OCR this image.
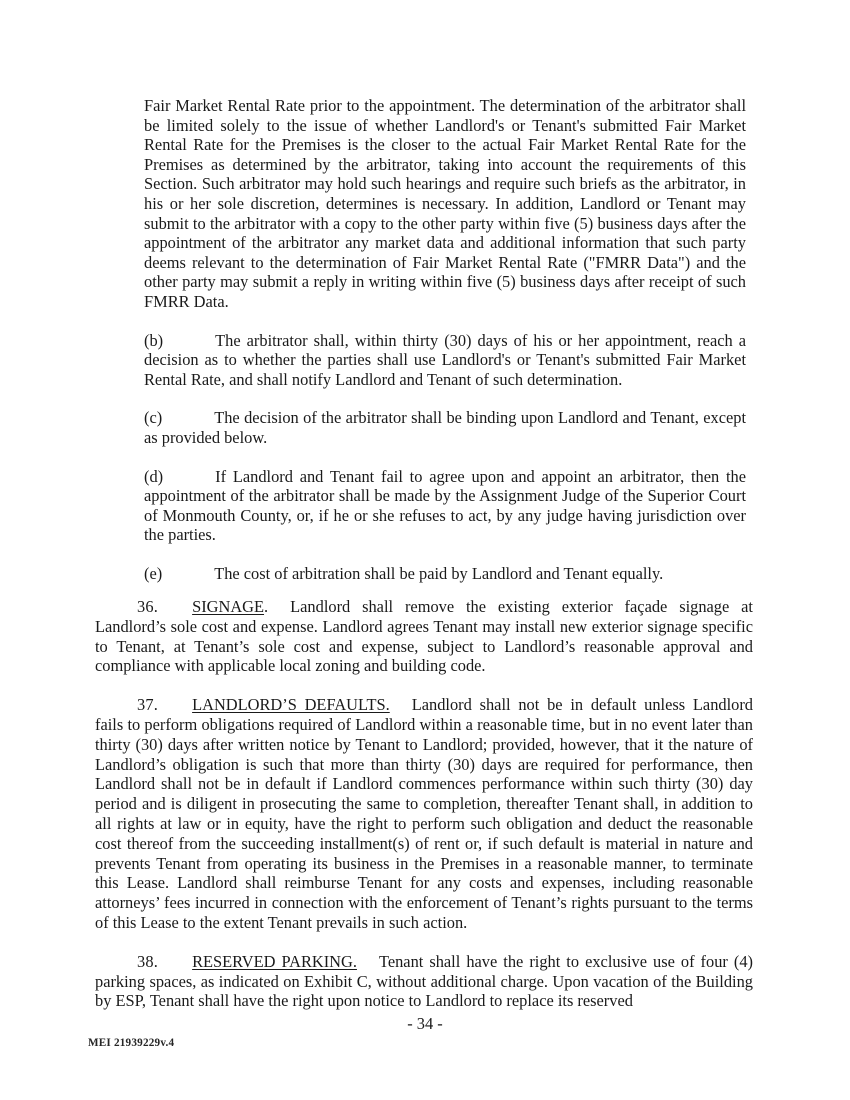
Fair Market Rental Rate prior to the appointment. The determination of the arbitrator shall be limited solely to the issue of whether Landlord's or Tenant's submitted Fair Market Rental Rate for the Premises is the closer to the actual Fair Market Rental Rate for the Premises as determined by the arbitrator, taking into account the requirements of this Section. Such arbitrator may hold such hearings and require such briefs as the arbitrator, in his or her sole discretion, determines is necessary. In addition, Landlord or Tenant may submit to the arbitrator with a copy to the other party within five (5) business days after the appointment of the arbitrator any market data and additional information that such party deems relevant to the determination of Fair Market Rental Rate ("FMRR Data") and the other party may submit a reply in writing within five (5) business days after receipt of such FMRR Data.

(b)	The arbitrator shall, within thirty (30) days of his or her appointment, reach a decision as to whether the parties shall use Landlord's or Tenant's submitted Fair Market Rental Rate, and shall notify Landlord and Tenant of such determination.

(c)	The decision of the arbitrator shall be binding upon Landlord and Tenant, except as provided below.

(d)	If Landlord and Tenant fail to agree upon and appoint an arbitrator, then the appointment of the arbitrator shall be made by the Assignment Judge of the Superior Court of Monmouth County, or, if he or she refuses to act, by any judge having jurisdiction over the parties.

(e)	The cost of arbitration shall be paid by Landlord and Tenant equally.

36. SIGNAGE. Landlord shall remove the existing exterior façade signage at Landlord’s sole cost and expense. Landlord agrees Tenant may install new exterior signage specific to Tenant, at Tenant’s sole cost and expense, subject to Landlord’s reasonable approval and compliance with applicable local zoning and building code.

37. LANDLORD’S DEFAULTS. Landlord shall not be in default unless Landlord fails to perform obligations required of Landlord within a reasonable time, but in no event later than thirty (30) days after written notice by Tenant to Landlord; provided, however, that it the nature of Landlord’s obligation is such that more than thirty (30) days are required for performance, then Landlord shall not be in default if Landlord commences performance within such thirty (30) day period and is diligent in prosecuting the same to completion, thereafter Tenant shall, in addition to all rights at law or in equity, have the right to perform such obligation and deduct the reasonable cost thereof from the succeeding installment(s) of rent or, if such default is material in nature and prevents Tenant from operating its business in the Premises in a reasonable manner, to terminate this Lease. Landlord shall reimburse Tenant for any costs and expenses, including reasonable attorneys’ fees incurred in connection with the enforcement of Tenant’s rights pursuant to the terms of this Lease to the extent Tenant prevails in such action.

38. RESERVED PARKING. Tenant shall have the right to exclusive use of four (4) parking spaces, as indicated on Exhibit C, without additional charge. Upon vacation of the Building by ESP, Tenant shall have the right upon notice to Landlord to replace its reserved

- 34 -
MEI 21939229v.4
